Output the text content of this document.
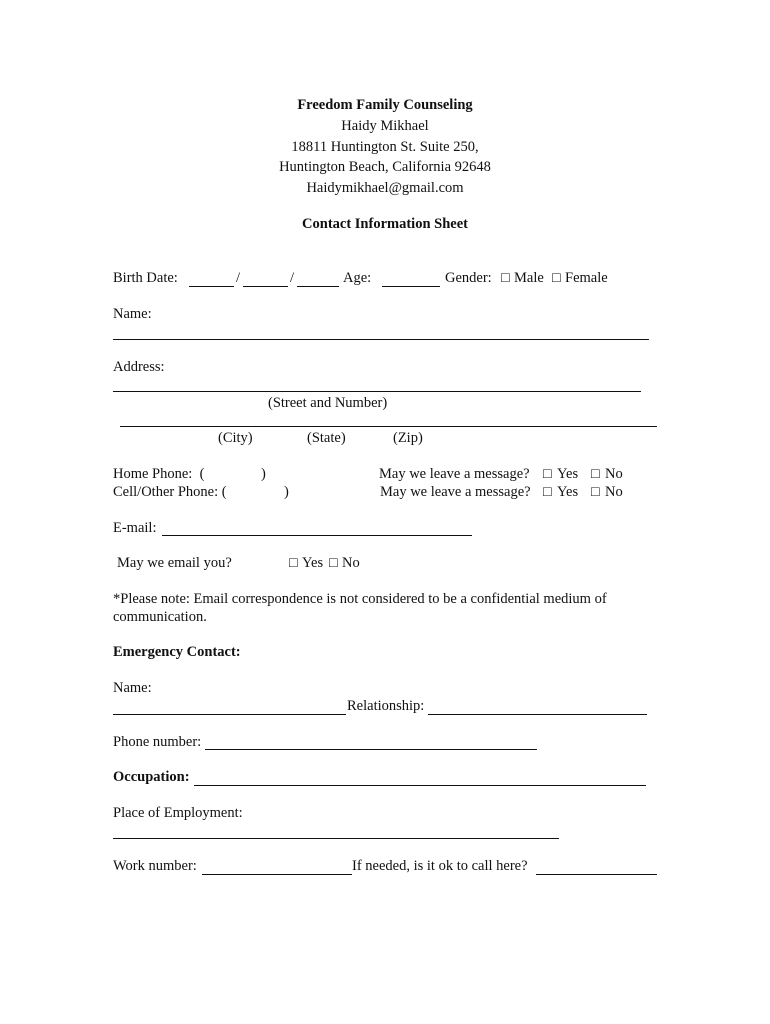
Freedom Family Counseling
Haidy Mikhael
18811 Huntington St. Suite 250,
Huntington Beach, California 92648
Haidymikhael@gmail.com
Contact Information Sheet
Birth Date:	/	/	Age:	Gender: □ Male □ Female
Name:
Address:
(Street and Number)
(City)	(State)	(Zip)
Home Phone:  (	)	May we leave a message? □ Yes □ No
Cell/Other Phone: (	)	May we leave a message? □ Yes □ No
E-mail:
May we email you?	□ Yes □ No
*Please note: Email correspondence is not considered to be a confidential medium of
communication.
Emergency Contact:
Name:
Relationship:
Phone number:
Occupation:
Place of Employment:
Work number:	If needed, is it ok to call here?
